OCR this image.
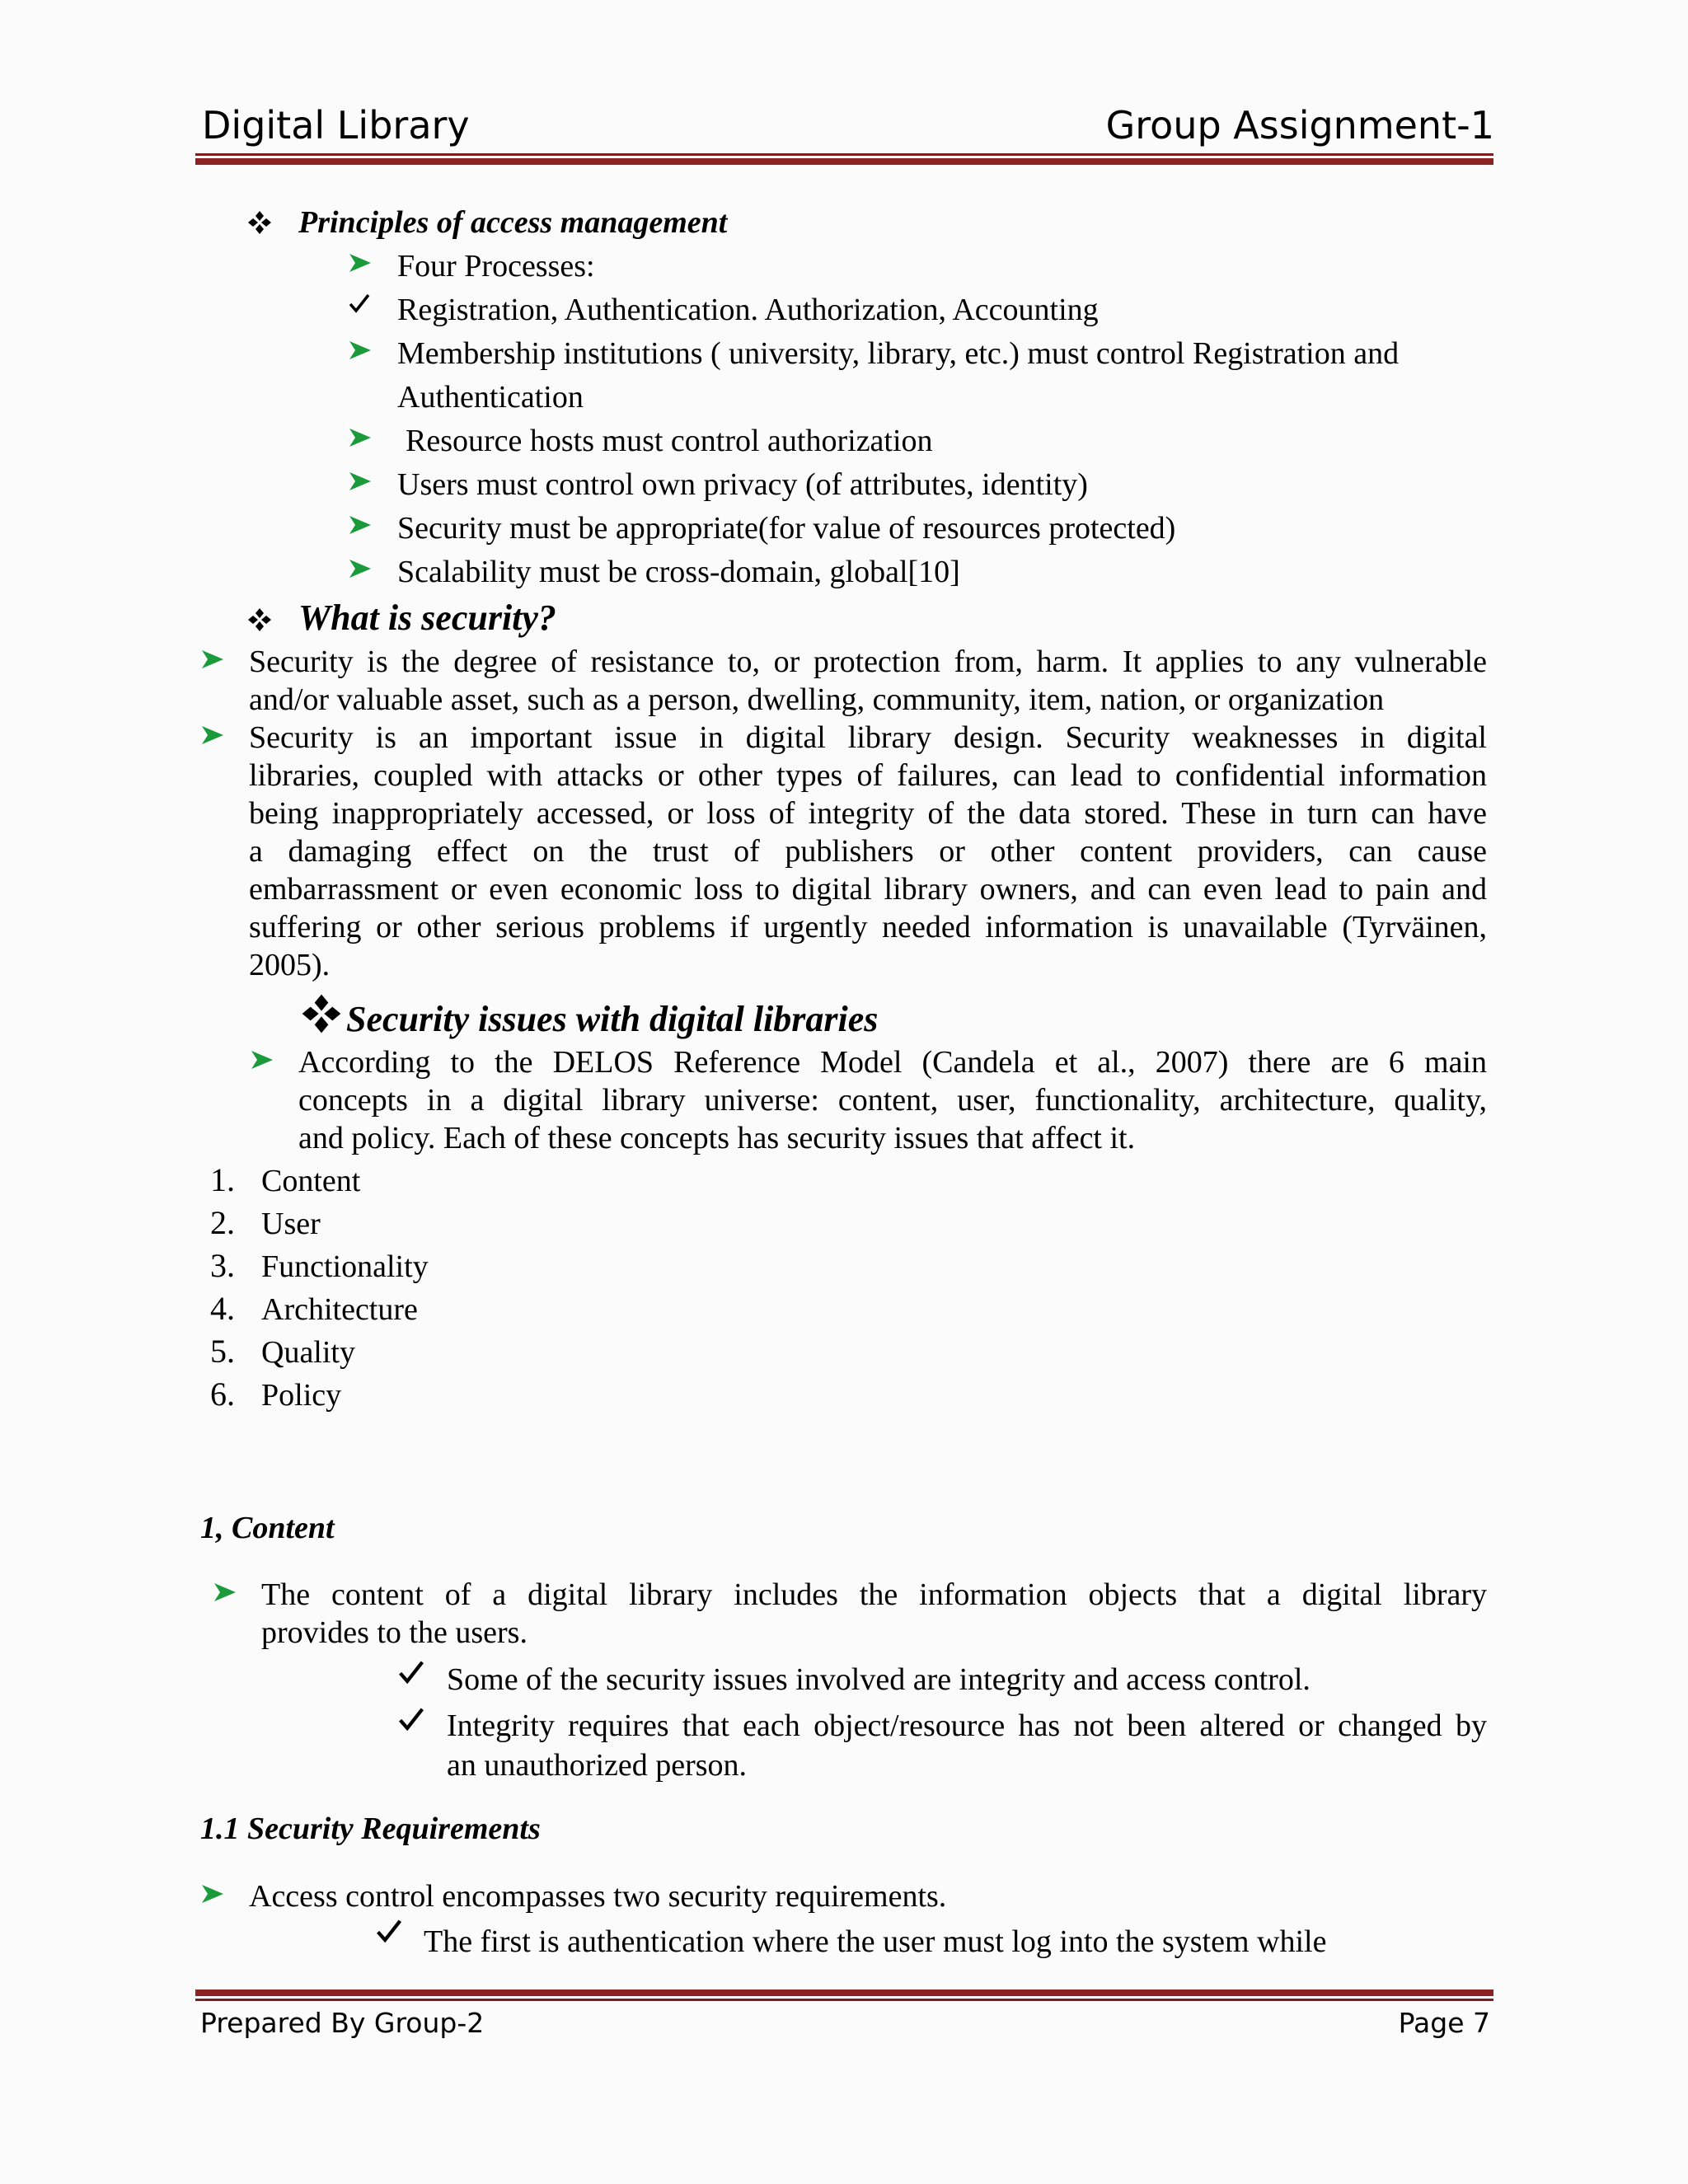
Digital Library	Group Assignment-1
Principles of access management
Four Processes:
Registration, Authentication. Authorization, Accounting
Membership institutions ( university, library, etc.) must control Registration and
Authentication
Resource hosts must control authorization
Users must control own privacy (of attributes, identity)
Security must be appropriate(for value of resources protected)
Scalability must be cross-domain, global[10]
What is security?
Security is the degree of resistance to, or protection from, harm. It applies to any vulnerable
and/or valuable asset, such as a person, dwelling, community, item, nation, or organization
Security is an important issue in digital library design. Security weaknesses in digital
libraries, coupled with attacks or other types of failures, can lead to confidential information
being inappropriately accessed, or loss of integrity of the data stored. These in turn can have
a damaging effect on the trust of publishers or other content providers, can cause
embarrassment or even economic loss to digital library owners, and can even lead to pain and
suffering or other serious problems if urgently needed information is unavailable (Tyrväinen,
2005).
Security issues with digital libraries
According to the DELOS Reference Model (Candela et al., 2007) there are 6 main
concepts in a digital library universe: content, user, functionality, architecture, quality,
and policy. Each of these concepts has security issues that affect it.
1. Content
2. User
3. Functionality
4. Architecture
5. Quality
6. Policy
1, Content
The content of a digital library includes the information objects that a digital library
provides to the users.
Some of the security issues involved are integrity and access control.
Integrity requires that each object/resource has not been altered or changed by
an unauthorized person.
1.1 Security Requirements
Access control encompasses two security requirements.
The first is authentication where the user must log into the system while
Prepared By Group-2	Page 7
